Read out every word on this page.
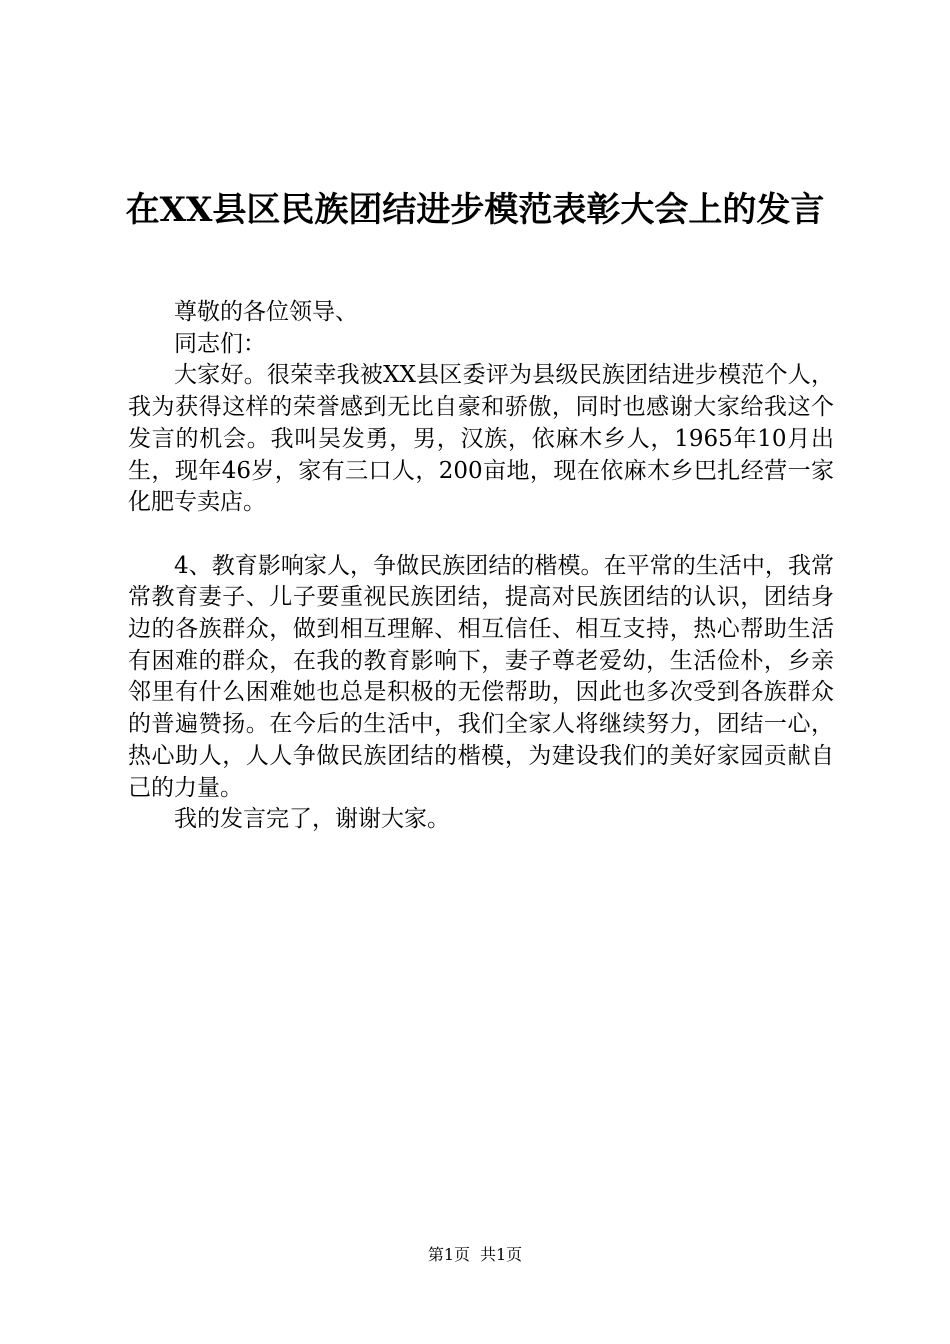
在XX县区民族团结进步模范表彰大会上的发言

尊敬的各位领导、

同志们：

大家好。很荣幸我被XX县区委评为县级民族团结进步模范个人，我为获得这样的荣誉感到无比自豪和骄傲，同时也感谢大家给我这个发言的机会。我叫吴发勇，男，汉族，依麻木乡人，1965年10月出生，现年46岁，家有三口人，200亩地，现在依麻木乡巴扎经营一家化肥专卖店。

4、教育影响家人，争做民族团结的楷模。在平常的生活中，我常常教育妻子、儿子要重视民族团结，提高对民族团结的认识，团结身边的各族群众，做到相互理解、相互信任、相互支持，热心帮助生活有困难的群众，在我的教育影响下，妻子尊老爱幼，生活俭朴，乡亲邻里有什么困难她也总是积极的无偿帮助，因此也多次受到各族群众的普遍赞扬。在今后的生活中，我们全家人将继续努力，团结一心，热心助人，人人争做民族团结的楷模，为建设我们的美好家园贡献自己的力量。

我的发言完了，谢谢大家。

第1页 共1页
